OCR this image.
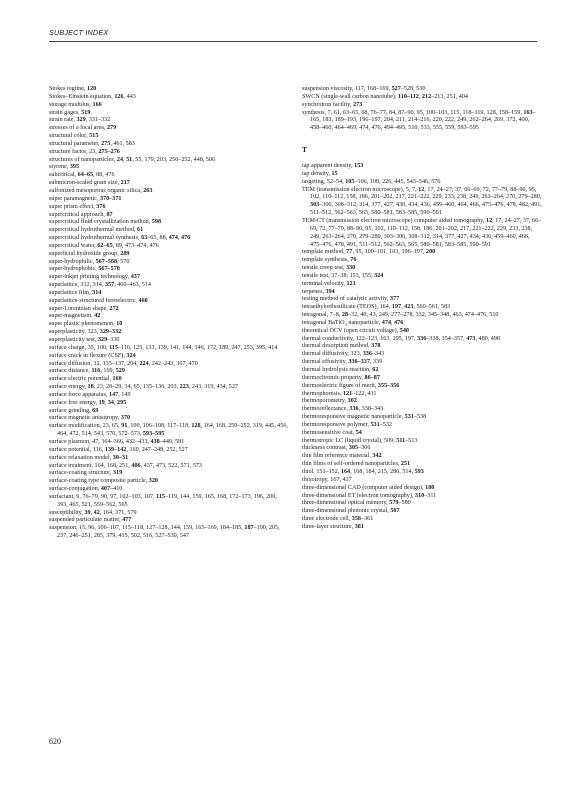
SUBJECT INDEX
Stokes regime, 120
Stokes–Einstein equation, 126, 443
storage modulus, 166
strain gages, 519
strain rate, 329, 331–332
stresses of a local area, 279
structural color, 515
structural parameter, 275, 461, 583
structure factor, 23, 275–276
structures of nanoparticles, 24, 51, 55, 179, 203, 250–252, 448, 506
styrene, 395
subcritical, 64–65, 88, 476
submicron-scaled grain size, 217
sulfonized mesoporous organic silica, 263
super paramagnetic, 370–371
super prism effect, 376
supercritical approach, 87
supercritical fluid crystallization method, 598
supercritical hydrothermal method, 61
supercritical hydrothermal synthesis, 63–65, 88, 474, 476
supercritical water, 62–65, 89, 473–474, 476
superficial hydroxide group, 289
super-hydrophilic, 567–568, 570
super-hydrophobic, 567–570
super-inkjet printing technology, 437
superlattice, 312, 314, 357, 460–463, 514
superlattice film, 314
superlattice-structured ferroelectric, 460
super-Lorentzian shape, 272
super-magnetism, 42
super plastic phenomenon, 10
superplasticity, 323, 329–332
superplasticity test, 329–330
surface charge, 35, 100, 115–116, 125, 133, 139, 141, 144, 146, 172, 189, 247, 253, 395, 414
surface crack in flexure (CSF), 324
surface diffusion, 32, 135–137, 204, 224, 242–243, 367, 470
surface distance, 116, 169, 529
surface electric potential, 160
surface energy, 18, 23, 28–29, 34, 65, 135–136, 203, 223, 243, 319, 434, 527
surface force apparatus, 147, 149
surface free energy, 19, 34, 295
surface grinding, 69
surface magnetic anisotropy, 370
surface modification, 23, 65, 91, 100, 106–108, 117–118, 128, 164, 168, 250–252, 319, 445, 456, 464, 472, 514, 543, 570, 572–573, 593–595
surface plasmon, 47, 364–366, 432–433, 438–440, 581
surface potential, 116, 139–142, 160, 247–248, 252, 527
surface relaxation model, 30–31
surface treatment, 164, 168, 251, 406, 437, 473, 522, 571, 573
surface-coating structure, 319
surface-coating type composite particle, 320
surface-conjugation, 407–410
surfactant, 9, 76–79, 90, 97, 102–103, 107, 115–119, 144, 159, 165, 168, 172–173, 196, 200, 393, 465, 521, 559–562, 565
susceptibility, 39, 42, 164, 371, 579
suspended particulate matter, 477
suspension, 15, 96, 106–107, 115–118, 127–128, 144, 159, 165–169, 184–185, 187–190, 205, 237, 246–251, 285, 379, 415, 502, 516, 527–530, 547
suspension viscosity, 117, 168–169, 527–528, 530
SWCN (single-wall carbon nanotube), 110–112, 212–213, 251, 404
synchrotron facility, 273
synthesis, 7, 61, 63–65, 68, 76–77, 84, 87–90, 95, 100–103, 115, 118–119, 128, 158–159, 163–165, 183, 189–193, 196–197, 204, 211, 214–216, 220, 222, 249, 262–264, 269, 372, 400, 458–460, 464–469, 474, 476, 494–495, 510, 533, 555, 559, 593–595
T
tap apparent density, 153
tap density, 15
targeting, 52–54, 105–106, 108, 226, 445, 543–546, 576
TEM (transmission electron microscope), 5, 7, 12, 17, 24–27, 37, 66–69, 72, 77–79, 88–90, 95, 102, 110–112, 158, 186, 201–202, 217, 221–222, 229, 233, 238, 249, 263–264, 270, 279–280, 303–306, 308–312, 314, 377, 427, 430, 434, 436, 459–460, 464, 466, 475–476, 478, 482, 491, 511–512, 562–563, 565, 580–581, 583–585, 590–591
TEM-CT (transmission electron microscope) computer aided tomography, 12, 17, 24–27, 37, 66–69, 72, 77–79, 88–90, 95, 102, 110–112, 158, 186, 201–202, 217, 221–222, 229, 233, 238, 249, 263–264, 270, 279–280, 303–306, 308–312, 314, 377, 427, 434, 436, 459–460, 466, 475–476, 478, 491, 511–512, 562–563, 565, 580–581, 583–585, 590–591
template method, 77, 95, 100–101, 103, 196–197, 200
template synthesis, 76
tensile creep test, 330
tensile test, 37–38, 153, 155, 324
terminal velocity, 121
terpenes, 394
testing method of catalytic activity, 377
tetraethylorthosilicate (TEOS), 164, 197, 423, 560–561, 583
tetragonal, 7–8, 28–32, 40, 43, 249, 277–278, 332, 345–348, 463, 474–476, 510
tetragonal BaTiO$_3$ nanoparticle, 474, 476
theoretical OCV (open circuit voltage), 540
thermal conductivity, 122–123, 163, 195, 197, 336–338, 354–357, 473, 480, 498
thermal desorption method, 378
thermal diffusivity, 323, 336–343
thermal effusivity, 336–337, 339
thermal hydrolysis reaction, 62
thermochromic property, 86–87
thermoelectric figure of merit, 355–356
thermophoresis, 121–122, 411
thermoporometry, 302
thermoreflectance, 336, 338–343
thermoresponsive magnetic nanoparticle, 531–538
thermoresponsive polymer, 531–532
thermosensitive coat, 54
thermotropic LC (liquid crystal), 509, 511–513
thickness contrast, 305–306
thin film reference material, 342
thin films of self-ordered nanoparticles, 251
thiol, 151–152, 164, 168, 184, 215, 286, 514, 593
thixotropy, 167, 437
three-dimensional CAD (computer aided design), 180
three-dimensional ET (electron tomography), 310–311
three-dimensional optical memory, 579–580
three-dimensional photonic crystal, 507
three electrode cell, 358–361
three-layer structure, 381
620
